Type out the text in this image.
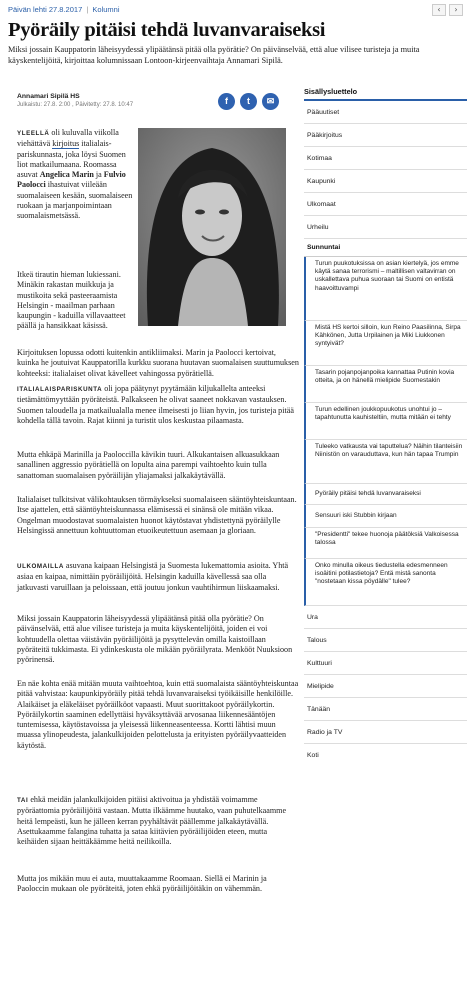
Päivän lehti 27.8.2017 | Kolumni	‹	›
Pyöräily pitäisi tehdä luvanvaraiseksi
Miksi jossain Kauppatorin läheisyydessä ylipäätänsä pitää olla pyörätie? On päivänselvää, että alue vilisee turisteja ja muita käyskentelijöitä, kirjoittaa kolumnissaan Lontoon-kirjeenvaihtaja Annamari Sipilä.
Annamari Sipilä HS
Julkaistu: 27.8. 2:00 , Päivitetty: 27.8. 10:47	f	t	✉
YLEELLÄ oli kuluvalla viikolla viehättävä kirjoitus italialaispariskunnasta, joka löysi Suomen liot matkailumaana. Roomassa asuvat Angelica Marin ja Fulvio Paolocci ihastuivat viileään suomalaiseen kesään, suomalaiseen ruokaan ja marjanpoimintaan suomalaismetsässä.
Itkeä tirautin hieman lukiessani. Minäkin rakastan muikkuja ja mustikoita sekä pasteeraamista Helsingin - maailman parhaan kaupungin - kaduilla villavaatteet päällä ja hansikkaat käsissä.
Kirjoituksen lopussa odotti kuitenkin antikliimaksi. Marin ja Paolocci kertoivat, kuinka he joutuivat Kauppatorilla kurkku suorana huutavan suomalaisen suuttumuksen kohteeksi: italialaiset olivat kävelleet vahingossa pyörätiellä.
ITALIALAISPARISKUNTA oli jopa päätynyt pyytämään kiljukallelta anteeksi tietämättömyyttään pyöräteistä. Palkakseen he olivat saaneet nokkavan vastauksen. Suomen taloudella ja matkailualalla menee ilmeisesti jo liian hyvin, jos turisteja pitää kohdella tällä tavoin. Rajat kiinni ja turistit ulos keskustaa pilaamasta.
Mutta ehkäpä Marinilla ja Paoloccilla kävikin tuuri. Alkukantaisen alkuasukkaan sanallinen aggressio pyörätiellä on lopulta aina parempi vaihtoehto kuin tulla sanattoman suomalaisen pyöräilijän yliajamaksi jalkakäytävällä.
Italialaiset tulkitsivat välikohtauksen törmäykseksi suomalaiseen sääntöyhteiskuntaan. Itse ajattelen, että sääntöyhteiskunnassa elämisessä ei sinänsä ole mitään vikaa. Ongelman muodostavat suomalaisten huonot käytöstavat yhdistettynä pyöräilylle Helsingissä annettuun kohtuuttoman etuoikeutettuun asemaan ja gloriaan.
ULKOMAILLA asuvana kaipaan Helsingistä ja Suomesta lukemattomia asioita. Yhtä asiaa en kaipaa, nimittäin pyöräilijöitä. Helsingin kaduilla kävellessä saa olla jatkuvasti varuillaan ja peloissaan, että joutuu jonkun vauhtihirmun liiskaamaksi.
Miksi jossain Kauppatorin läheisyydessä ylipäätänsä pitää olla pyörätie? On päivänselvää, että alue vilisee turisteja ja muita käyskentelijöitä, joiden ei voi kohtuudella olettaa väistävän pyöräilijöitä ja pysyttelevän omilla kaistoillaan pyöräteitä tukkimasta. Ei ydinkeskusta ole mikään pyöräilyrata. Menkööt Nuuksioon pyörinensä.
En näe kohta enää mitään muuta vaihtoehtoa, kuin että suomalaista sääntöyhteiskuntaa pitää vahvistaa: kaupunkipyöräily pitää tehdä luvanvaraiseksi työikäisille henkilöille. Alaikäiset ja eläkeläiset pyöräilköot vapaasti. Muut suorittakoot pyöräilykortin. Pyöräilykortin saaminen edellyttäisi hyväksyttävää arvosanaa liikennesääntöjen tuntemisessa, käytöstavoissa ja yleisessä liikenneasenteessa. Kortti lähtisi muun muassa ylinopeudesta, jalankulkijoiden pelottelusta ja erityisten pyöräilyvaatteiden käytöstä.
TAI ehkä meidän jalankulkijoiden pitäisi aktivoitua ja yhdistää voimamme pyöräattomia pyöräilijöitä vastaan. Mutta ilkäämme huutako, vaan puhutelkaamme heitä lempeästi, kun he jälleen kerran pyyhältävät päällemme jalkakäytävällä. Asettukaamme falangina tuhatta ja sataa kiitävien pyöräilijöiden eteen, mutta keihäiden sijaan heittäkäämme heitä neilikoilla.
Mutta jos mikään muu ei auta, muuttakaamme Roomaan. Siellä ei Marinin ja Paoloccin mukaan ole pyöräteitä, joten ehkä pyöräilijöitäkin on vähemmän.
Sisällysluettelo
Pääuutiset
Pääkirjoitus
Kotimaa
Kaupunki
Ulkomaat
Urheilu
Sunnuntai
Turun puukotuksissa on asian kiertelyä, jos emme käytä sanaa terrorismi – maltillisen valtavirran on uskallettava puhua suoraan tai Suomi on entistä haavoittuvampi
Mistä HS kertoi silloin, kun Reino Paasilinna, Sirpa Kähkönen, Jutta Urpilainen ja Miki Liukkonen syntyivät?
Tasarin pojanpojanpoika kannattaa Putinin kovia otteita, ja on hänellä mielipide Suomestakin
Turun edellinen joukkopuukotus unohtui jo – tapahtunutta kauhisteltiin, mutta mitään ei tehty
Tuleeko vatkausta vai taputtelua? Näihin tilanteisiin Niinistön on varauduttava, kun hän tapaa Trumpin
Pyöräily pitäisi tehdä luvanvaraiseksi
Sensuuri iski Stubbin kirjaan
"Presidentti" tekee huonoja päätöksiä Valkoisessa talossa
Onko minulla oikeus tiedustella edesmenneen isoäitini potilastietoja? Entä mistä sanonta "nostetaan kissa pöydälle" tulee?
Ura
Talous
Kulttuuri
Mielipide
Tänään
Radio ja TV
Koti
